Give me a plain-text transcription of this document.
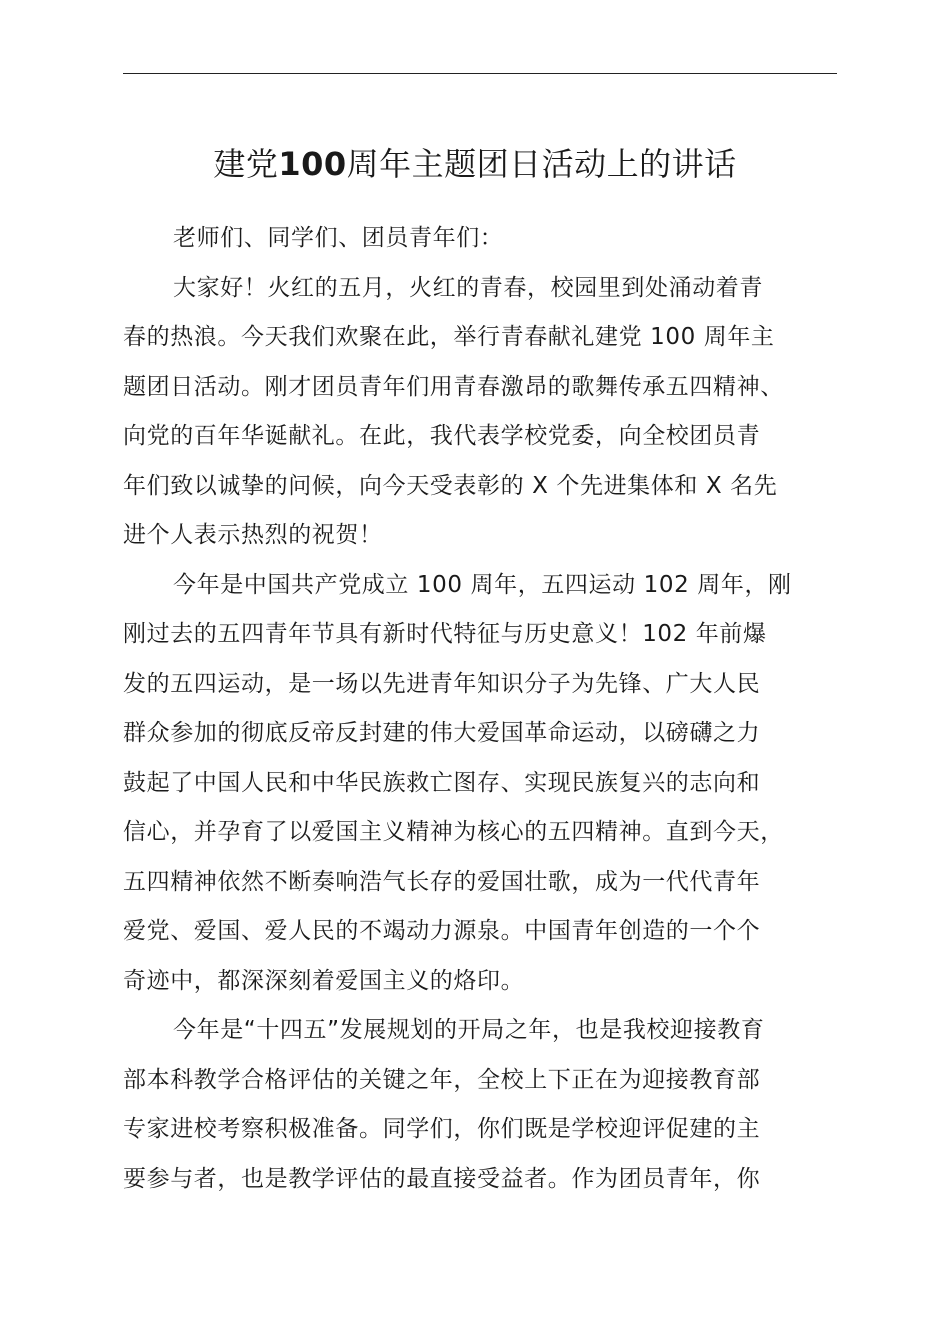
建党100周年主题团日活动上的讲话

老师们、同学们、团员青年们：

大家好！火红的五月，火红的青春，校园里到处涌动着青
春的热浪。今天我们欢聚在此，举行青春献礼建党 100 周年主
题团日活动。刚才团员青年们用青春激昂的歌舞传承五四精神、
向党的百年华诞献礼。在此，我代表学校党委，向全校团员青
年们致以诚挚的问候，向今天受表彰的 X 个先进集体和 X 名先
进个人表示热烈的祝贺！

今年是中国共产党成立 100 周年，五四运动 102 周年，刚
刚过去的五四青年节具有新时代特征与历史意义！102 年前爆
发的五四运动，是一场以先进青年知识分子为先锋、广大人民
群众参加的彻底反帝反封建的伟大爱国革命运动，以磅礴之力
鼓起了中国人民和中华民族救亡图存、实现民族复兴的志向和
信心，并孕育了以爱国主义精神为核心的五四精神。直到今天，
五四精神依然不断奏响浩气长存的爱国壮歌，成为一代代青年
爱党、爱国、爱人民的不竭动力源泉。中国青年创造的一个个
奇迹中，都深深刻着爱国主义的烙印。

今年是“十四五”发展规划的开局之年，也是我校迎接教育
部本科教学合格评估的关键之年，全校上下正在为迎接教育部
专家进校考察积极准备。同学们，你们既是学校迎评促建的主
要参与者，也是教学评估的最直接受益者。作为团员青年，你
